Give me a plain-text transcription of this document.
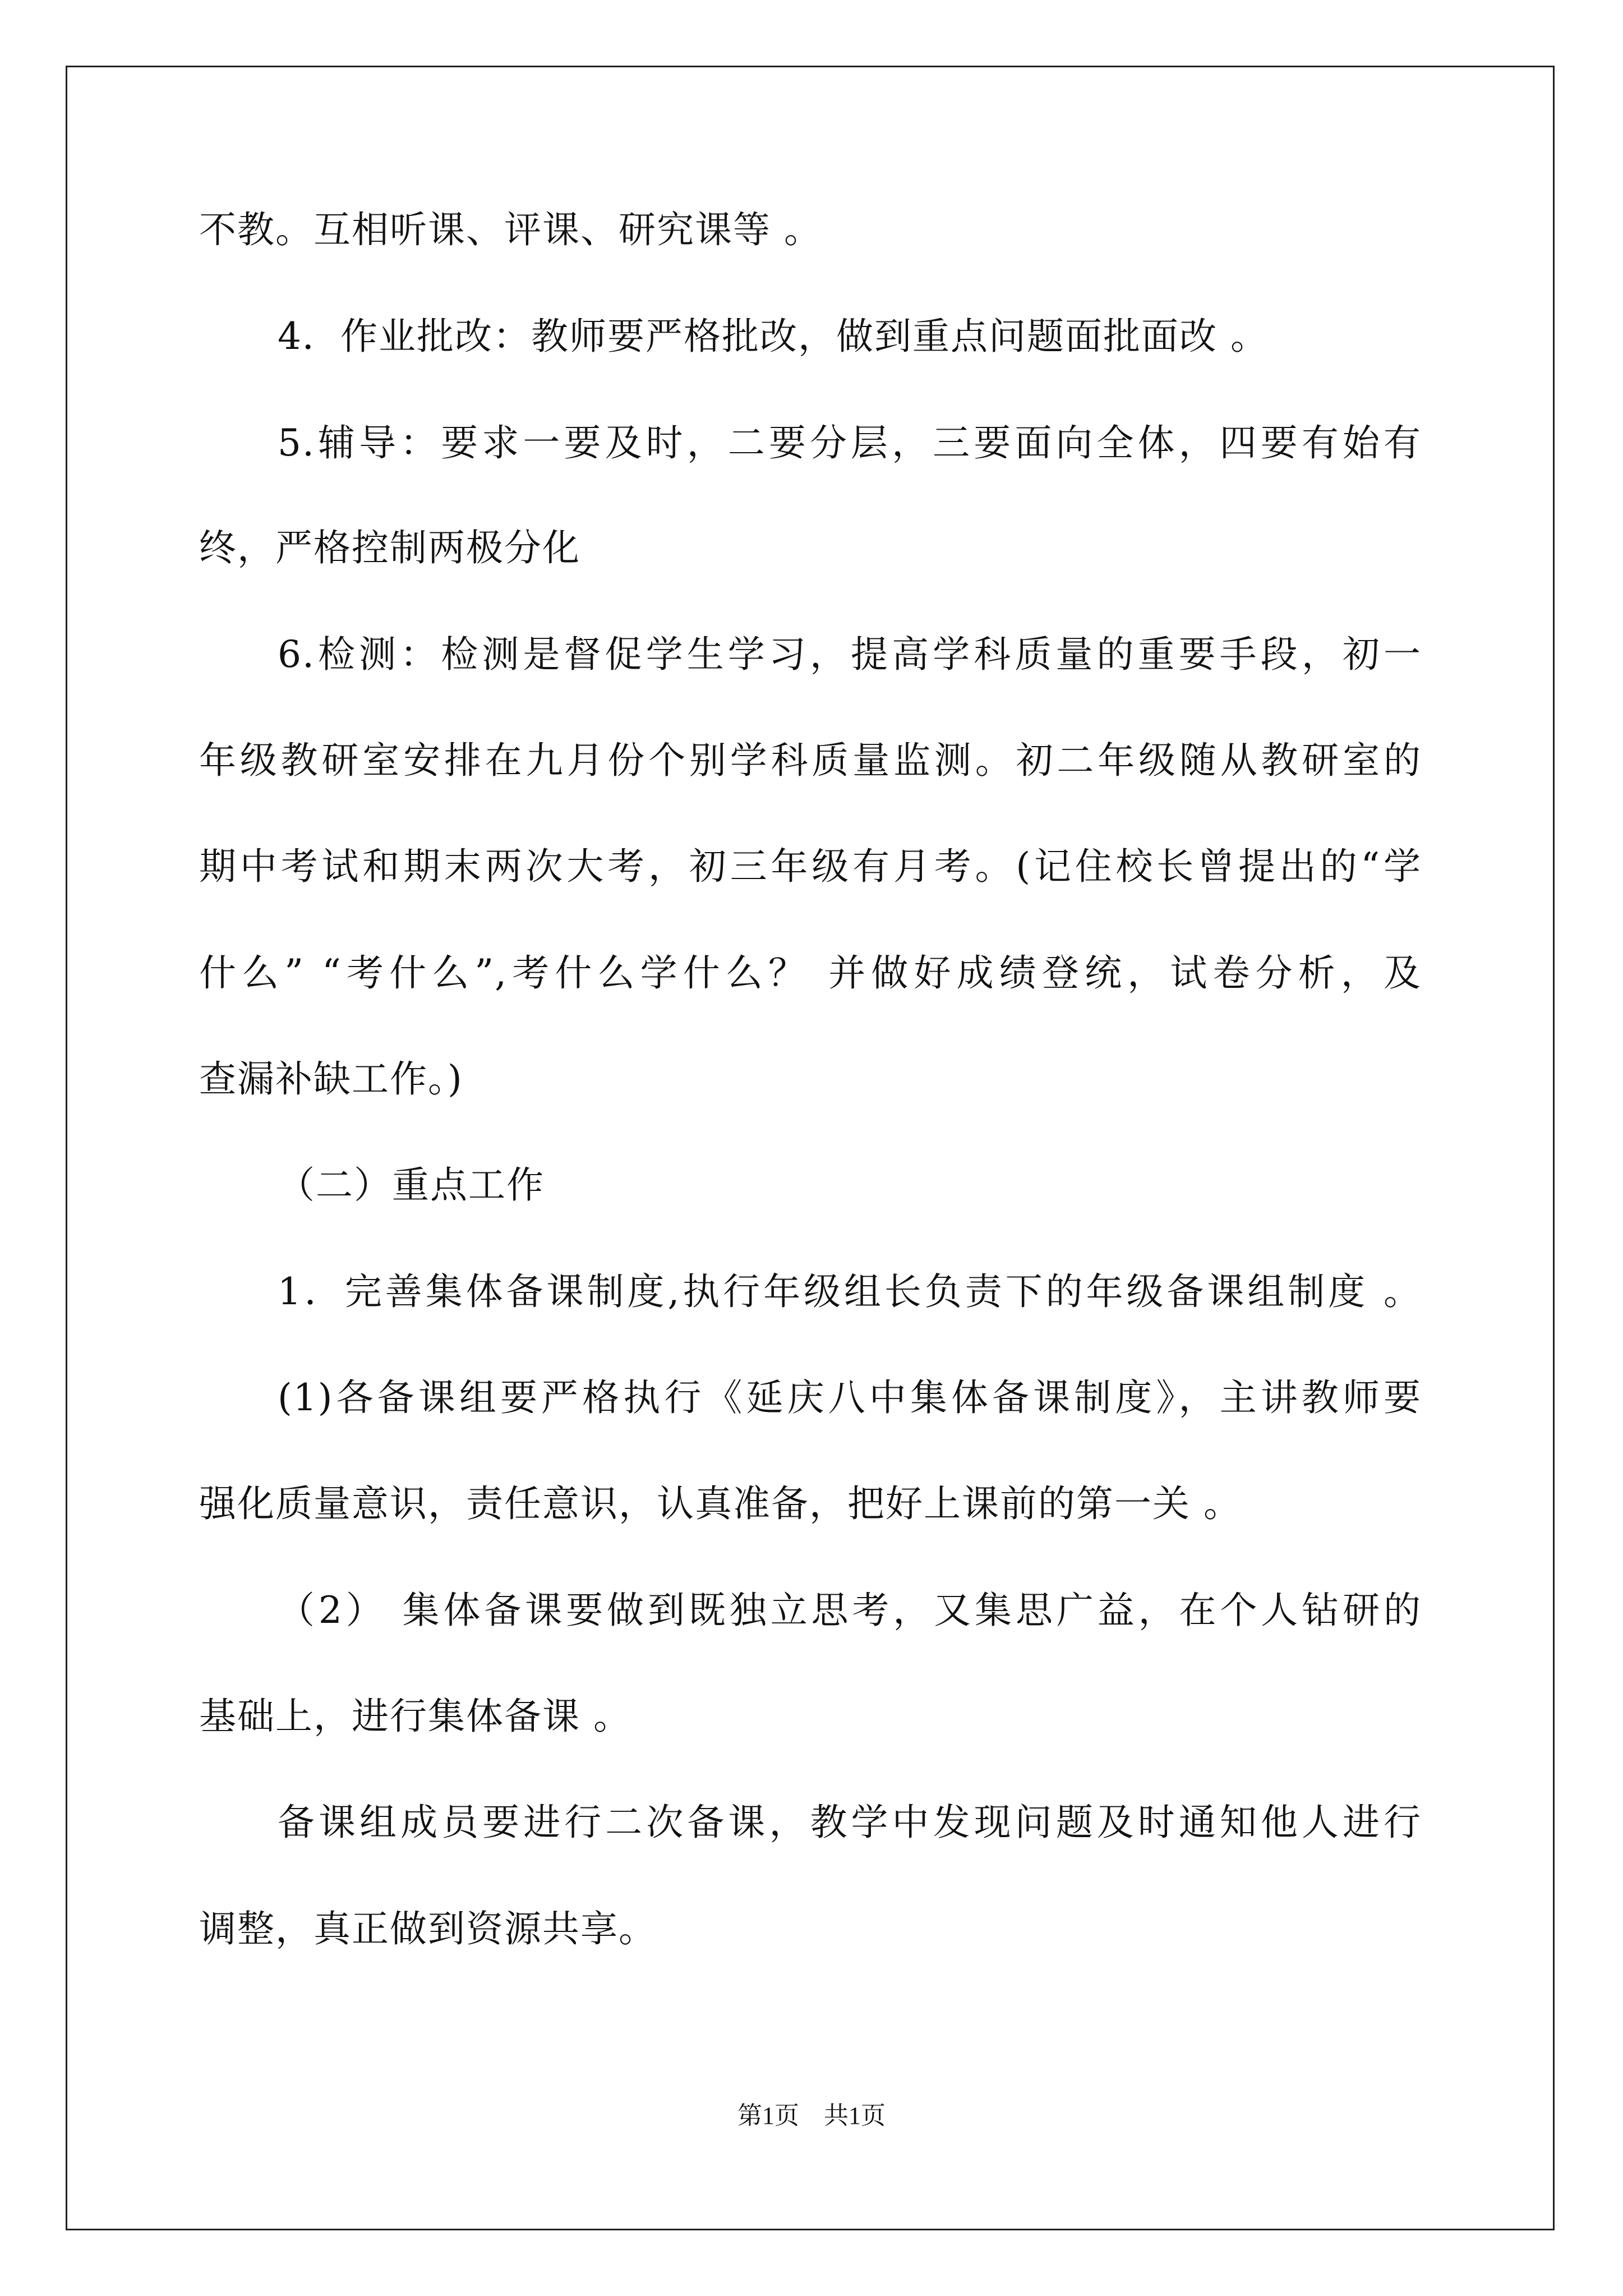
不教。互相听课、评课、研究课等 。
4．作业批改：教师要严格批改，做到重点问题面批面改 。
5.辅导：要求一要及时，二要分层，三要面向全体，四要有始有
终，严格控制两极分化
6.检测：检测是督促学生学习，提高学科质量的重要手段，初一
年级教研室安排在九月份个别学科质量监测。初二年级随从教研室的
期中考试和期末两次大考，初三年级有月考。(记住校长曾提出的“学
什么” “考什么”,考什么学什么？ 并做好成绩登统，试卷分析，及
查漏补缺工作。)
（二）重点工作
1．完善集体备课制度,执行年级组长负责下的年级备课组制度 。
(1)各备课组要严格执行《延庆八中集体备课制度》，主讲教师要
强化质量意识，责任意识，认真准备，把好上课前的第一关 。
（2） 集体备课要做到既独立思考，又集思广益，在个人钻研的
基础上，进行集体备课 。
备课组成员要进行二次备课，教学中发现问题及时通知他人进行
调整，真正做到资源共享。
第1页　共1页
